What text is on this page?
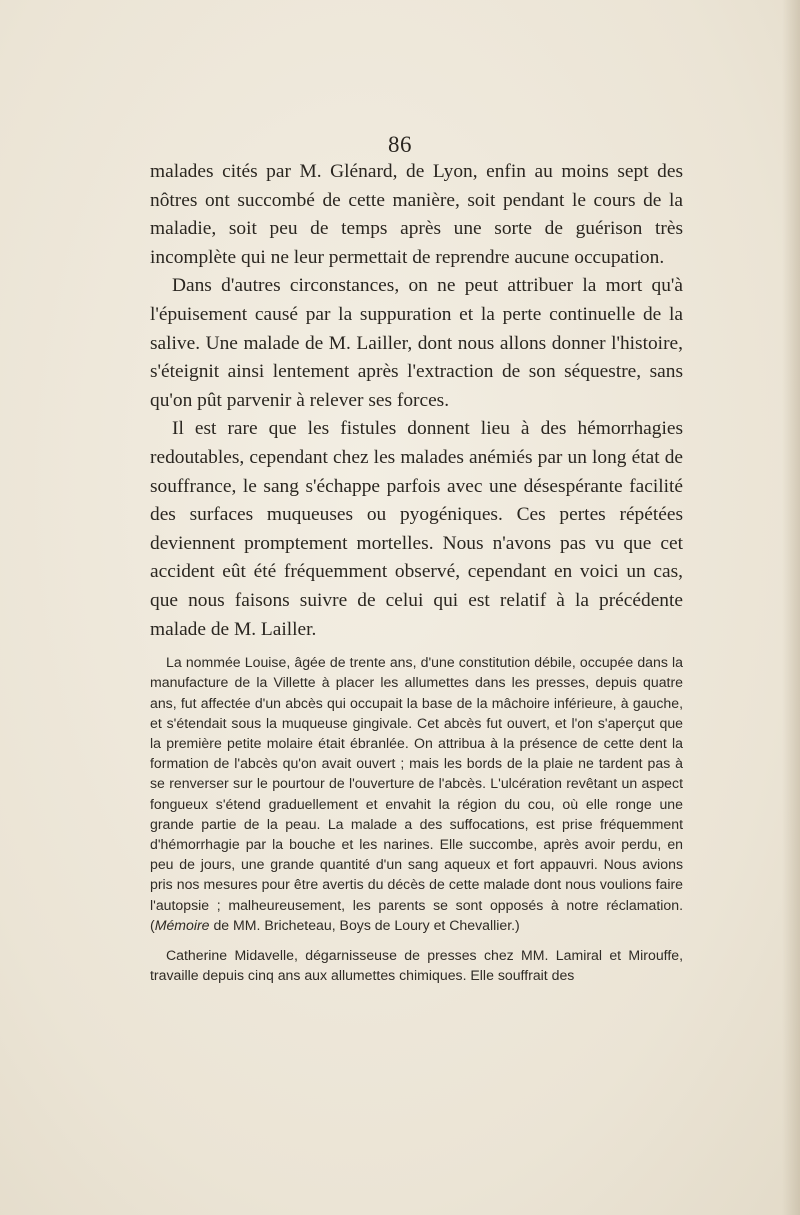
86

malades cités par M. Glénard, de Lyon, enfin au moins sept des nôtres ont succombé de cette manière, soit pendant le cours de la maladie, soit peu de temps après une sorte de guérison très incomplète qui ne leur permettait de reprendre aucune occupation.

Dans d'autres circonstances, on ne peut attribuer la mort qu'à l'épuisement causé par la suppuration et la perte continuelle de la salive. Une malade de M. Lailler, dont nous allons donner l'histoire, s'éteignit ainsi lentement après l'extraction de son séquestre, sans qu'on pût parvenir à relever ses forces.

Il est rare que les fistules donnent lieu à des hémorrhagies redoutables, cependant chez les malades anémiés par un long état de souffrance, le sang s'échappe parfois avec une désespérante facilité des surfaces muqueuses ou pyogéniques. Ces pertes répétées deviennent promptement mortelles. Nous n'avons pas vu que cet accident eût été fréquemment observé, cependant en voici un cas, que nous faisons suivre de celui qui est relatif à la précédente malade de M. Lailler.

La nommée Louise, âgée de trente ans, d'une constitution débile, occupée dans la manufacture de la Villette à placer les allumettes dans les presses, depuis quatre ans, fut affectée d'un abcès qui occupait la base de la mâchoire inférieure, à gauche, et s'étendait sous la muqueuse gingivale. Cet abcès fut ouvert, et l'on s'aperçut que la première petite molaire était ébranlée. On attribua à la présence de cette dent la formation de l'abcès qu'on avait ouvert ; mais les bords de la plaie ne tardent pas à se renverser sur le pourtour de l'ouverture de l'abcès. L'ulcération revêtant un aspect fongueux s'étend graduellement et envahit la région du cou, où elle ronge une grande partie de la peau. La malade a des suffocations, est prise fréquemment d'hémorrhagie par la bouche et les narines. Elle succombe, après avoir perdu, en peu de jours, une grande quantité d'un sang aqueux et fort appauvri. Nous avions pris nos mesures pour être avertis du décès de cette malade dont nous voulions faire l'autopsie ; malheureusement, les parents se sont opposés à notre réclamation. (Mémoire de MM. Bricheteau, Boys de Loury et Chevallier.)

Catherine Midavelle, dégarnisseuse de presses chez MM. Lamiral et Mirouffe, travaille depuis cinq ans aux allumettes chimiques. Elle souffrait des
